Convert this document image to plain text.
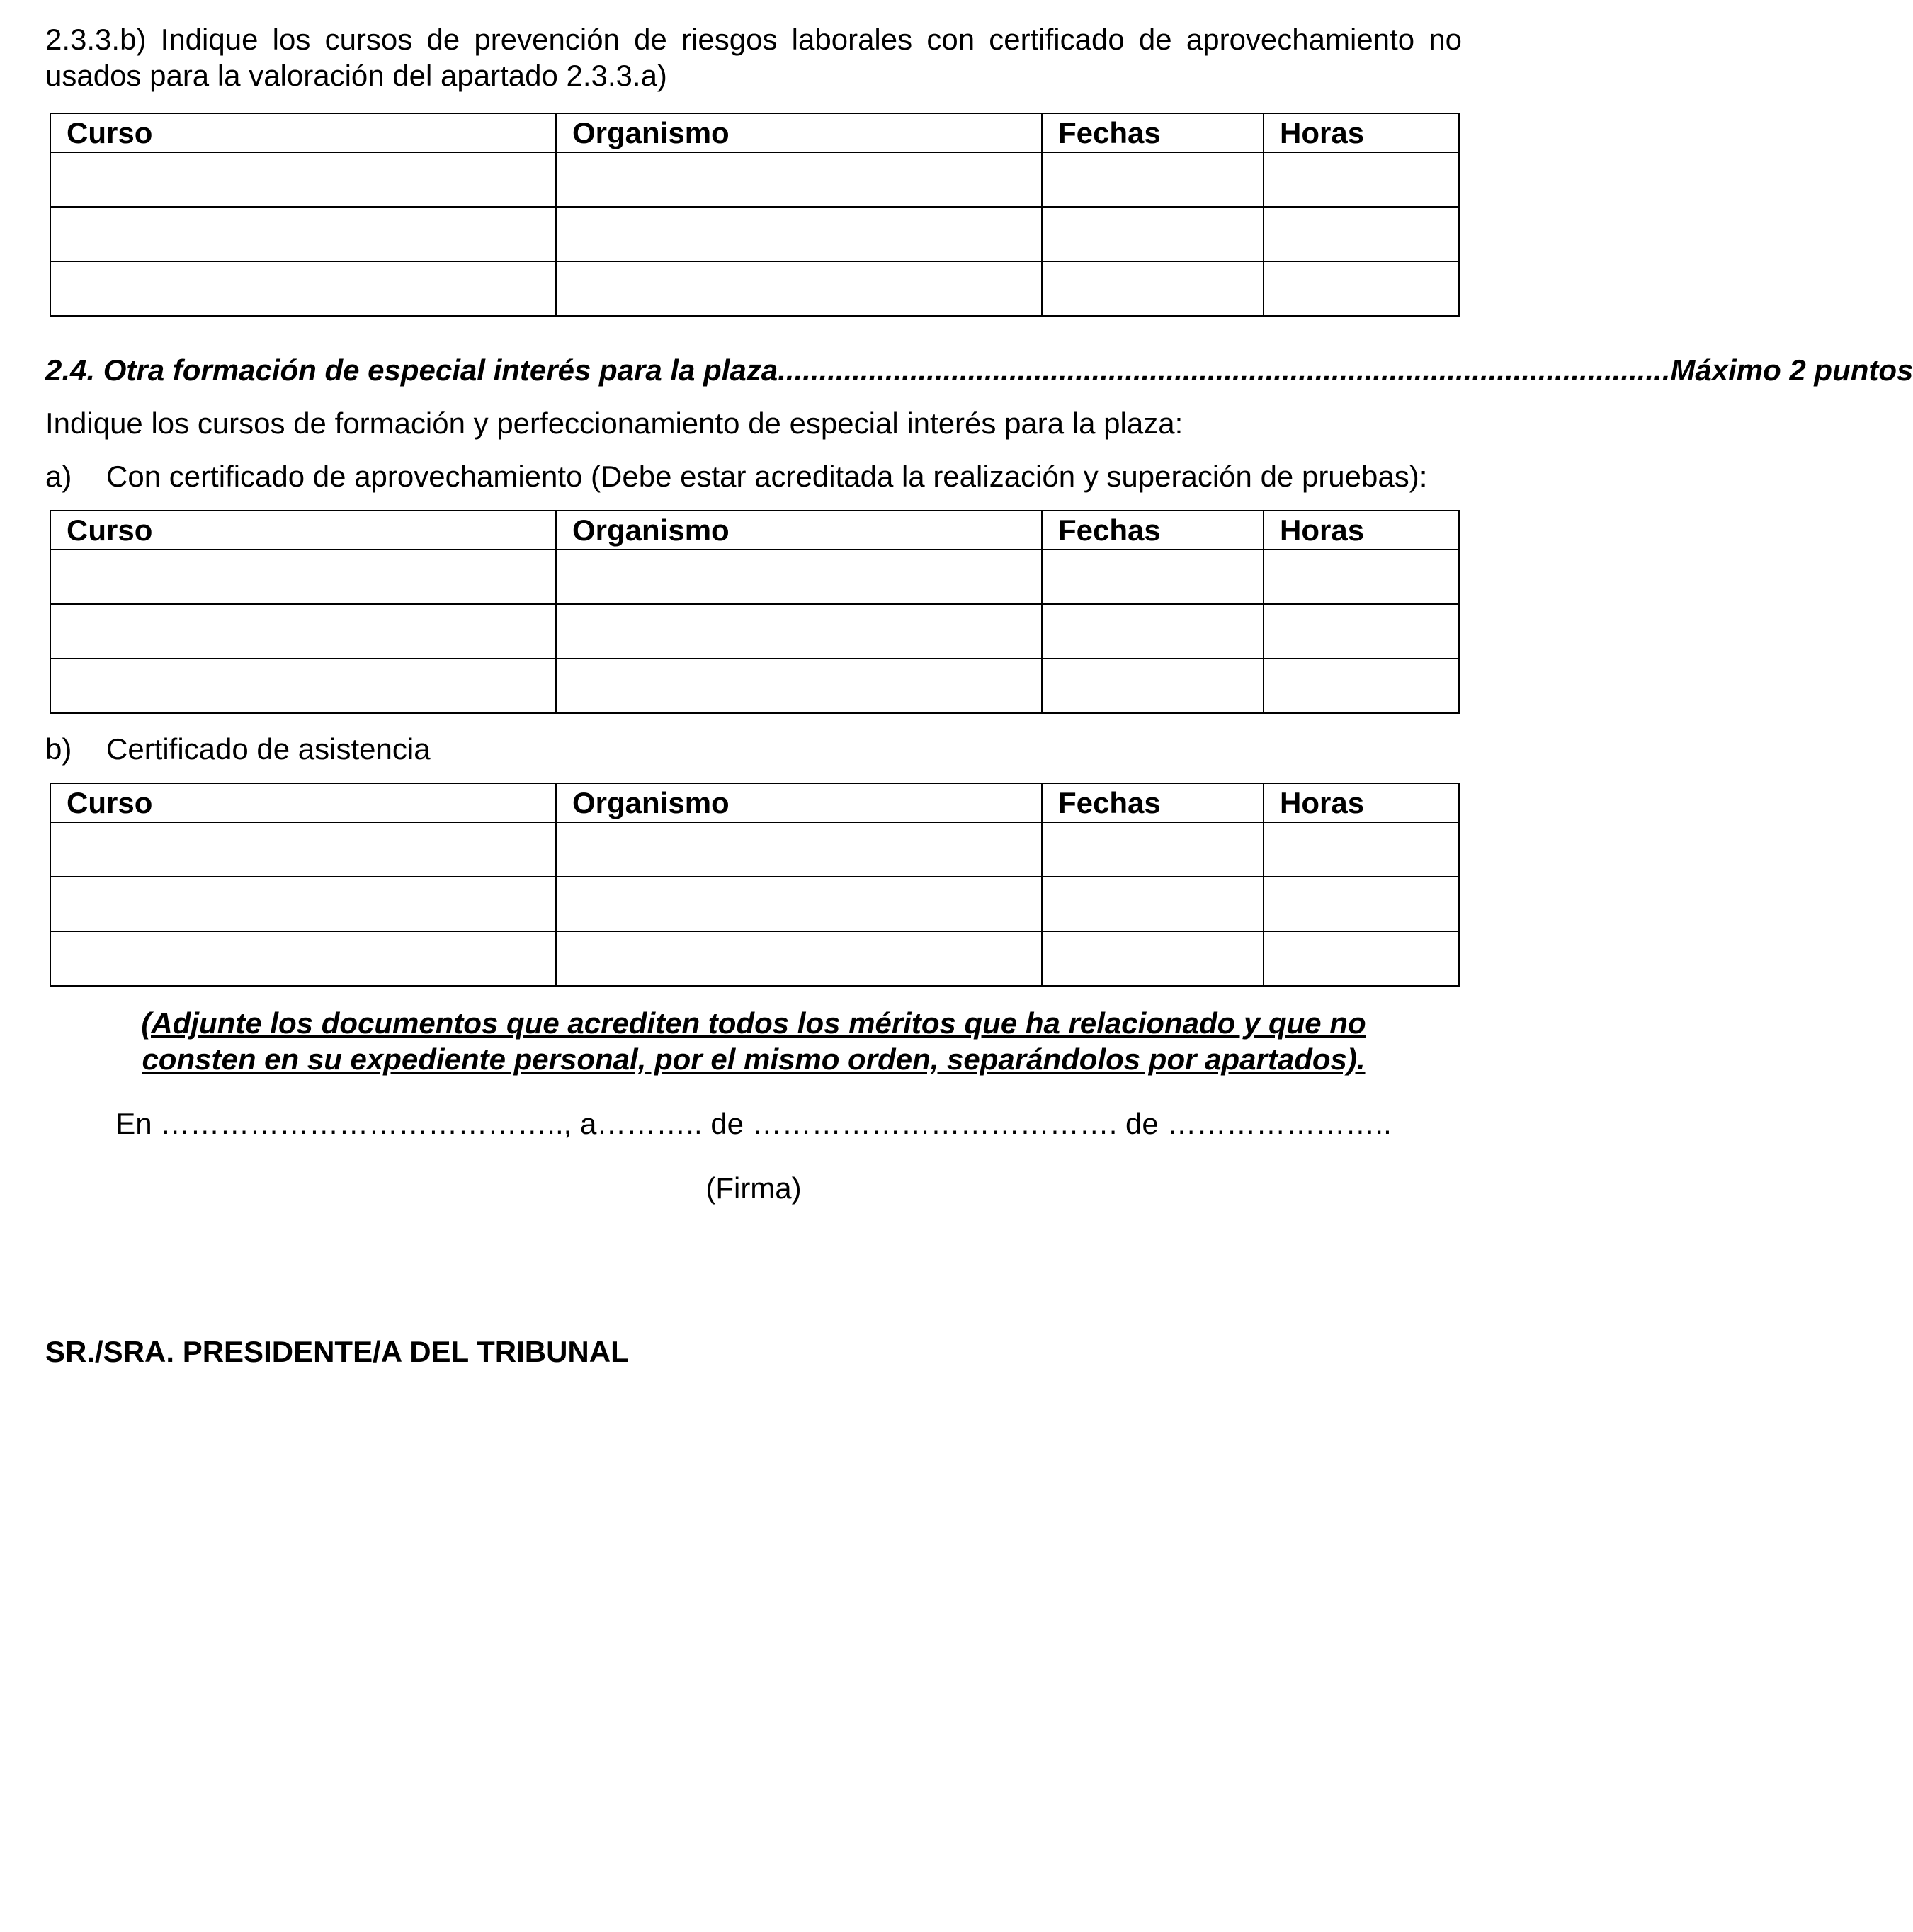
2.3.3.b) Indique los cursos de prevención de riesgos laborales con certificado de aprovechamiento no usados para la valoración del apartado 2.3.3.a)

Curso	Organismo	Fechas	Horas

2.4. Otra formación de especial interés para la plaza. ........................................................................................................... Máximo 2 puntos

Indique los cursos de formación y perfeccionamiento de especial interés para la plaza:

a) Con certificado de aprovechamiento (Debe estar acreditada la realización y superación de pruebas):
Curso	Organismo	Fechas	Horas

b)	Certificado de asistencia
Curso	Organismo	Fechas	Horas

(Adjunte los documentos que acrediten todos los méritos que ha relacionado y que no consten en su expediente personal, por el mismo orden, separándolos por apartados).

En ………………………………….., a……….. de ………………………………. de …………………..

(Firma)

SR./SRA. PRESIDENTE/A DEL TRIBUNAL
